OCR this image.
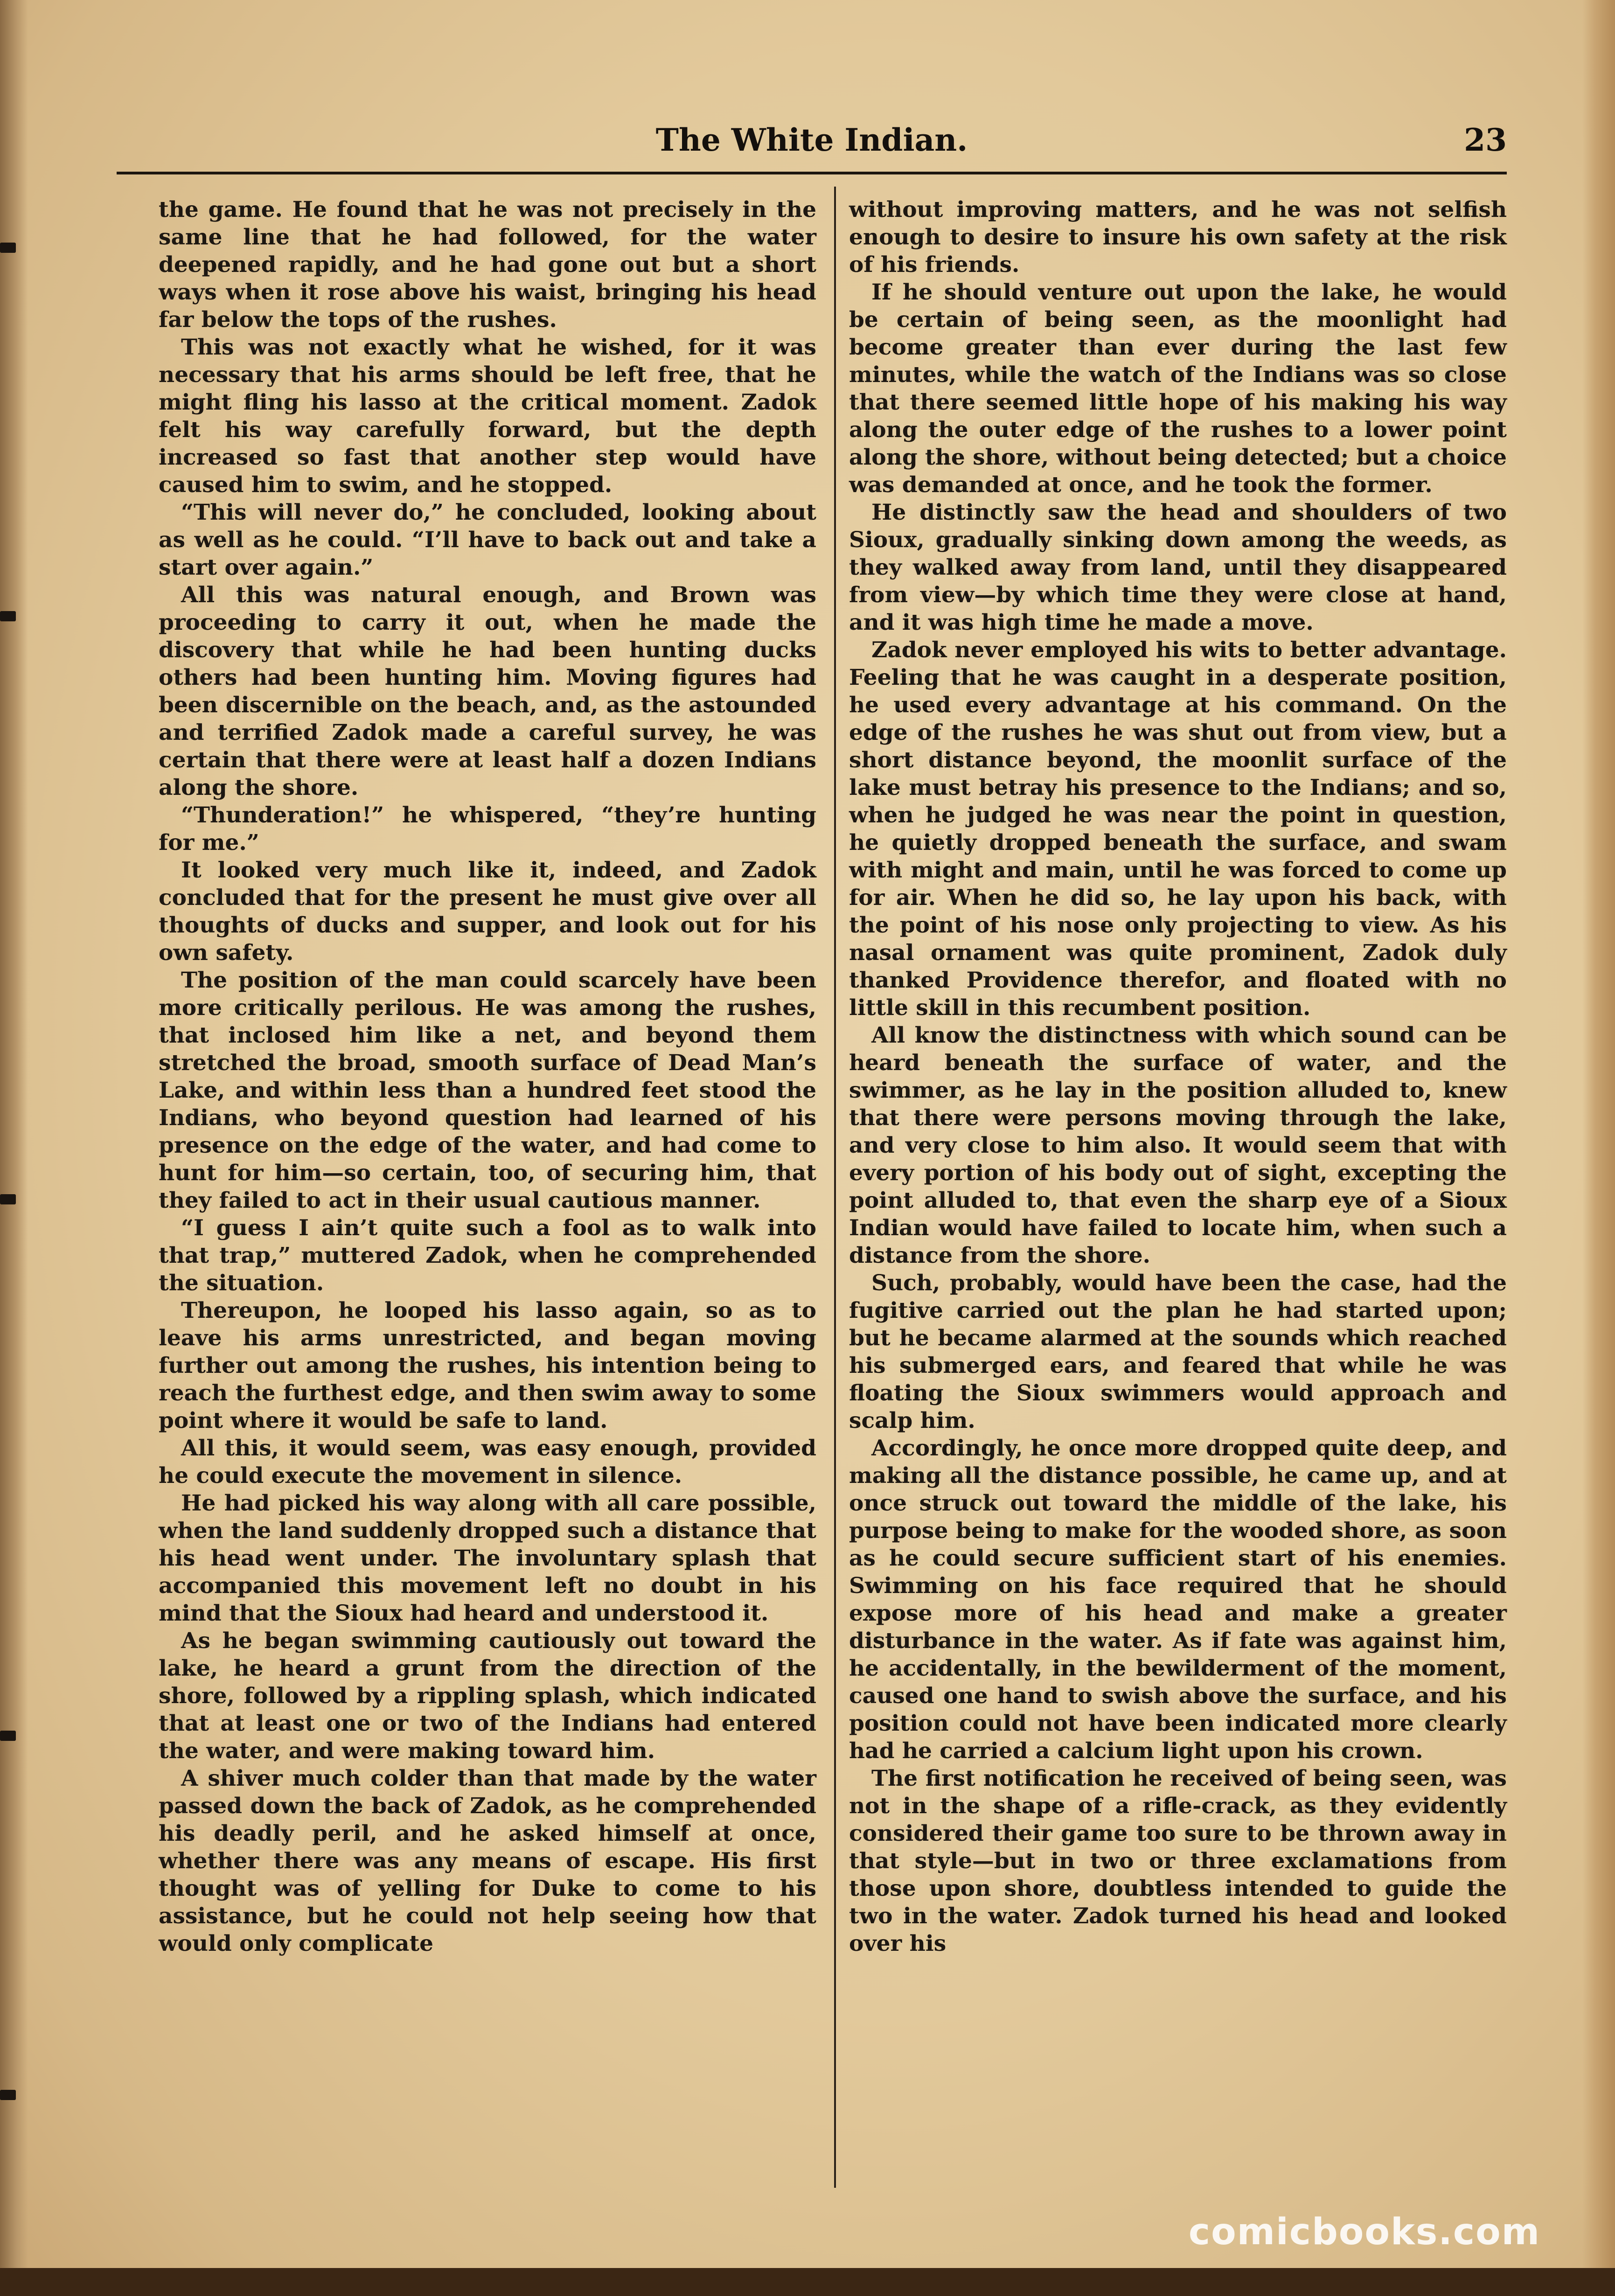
The White Indian.	23

the game. He found that he was not precisely in the same line that he had followed, for the water deepened rapidly, and he had gone out but a short ways when it rose above his waist, bringing his head far below the tops of the rushes.

This was not exactly what he wished, for it was necessary that his arms should be left free, that he might fling his lasso at the critical moment. Zadok felt his way carefully forward, but the depth increased so fast that another step would have caused him to swim, and he stopped.

“This will never do,” he concluded, looking about as well as he could. “I’ll have to back out and take a start over again.”

All this was natural enough, and Brown was proceeding to carry it out, when he made the discovery that while he had been hunting ducks others had been hunting him. Moving figures had been discernible on the beach, and, as the astounded and terrified Zadok made a careful survey, he was certain that there were at least half a dozen Indians along the shore.

“Thunderation!” he whispered, “they’re hunting for me.”

It looked very much like it, indeed, and Zadok concluded that for the present he must give over all thoughts of ducks and supper, and look out for his own safety.

The position of the man could scarcely have been more critically perilous. He was among the rushes, that inclosed him like a net, and beyond them stretched the broad, smooth surface of Dead Man’s Lake, and within less than a hundred feet stood the Indians, who beyond question had learned of his presence on the edge of the water, and had come to hunt for him—so certain, too, of securing him, that they failed to act in their usual cautious manner.

“I guess I ain’t quite such a fool as to walk into that trap,” muttered Zadok, when he comprehended the situation.

Thereupon, he looped his lasso again, so as to leave his arms unrestricted, and began moving further out among the rushes, his intention being to reach the furthest edge, and then swim away to some point where it would be safe to land.

All this, it would seem, was easy enough, provided he could execute the movement in silence.

He had picked his way along with all care possible, when the land suddenly dropped such a distance that his head went under. The involuntary splash that accompanied this movement left no doubt in his mind that the Sioux had heard and understood it.

As he began swimming cautiously out toward the lake, he heard a grunt from the direction of the shore, followed by a rippling splash, which indicated that at least one or two of the Indians had entered the water, and were making toward him.

A shiver much colder than that made by the water passed down the back of Zadok, as he comprehended his deadly peril, and he asked himself at once, whether there was any means of escape. His first thought was of yelling for Duke to come to his assistance, but he could not help seeing how that would only complicate

without improving matters, and he was not selfish enough to desire to insure his own safety at the risk of his friends.

If he should venture out upon the lake, he would be certain of being seen, as the moonlight had become greater than ever during the last few minutes, while the watch of the Indians was so close that there seemed little hope of his making his way along the outer edge of the rushes to a lower point along the shore, without being detected; but a choice was demanded at once, and he took the former.

He distinctly saw the head and shoulders of two Sioux, gradually sinking down among the weeds, as they walked away from land, until they disappeared from view—by which time they were close at hand, and it was high time he made a move.

Zadok never employed his wits to better advantage. Feeling that he was caught in a desperate position, he used every advantage at his command. On the edge of the rushes he was shut out from view, but a short distance beyond, the moonlit surface of the lake must betray his presence to the Indians; and so, when he judged he was near the point in question, he quietly dropped beneath the surface, and swam with might and main, until he was forced to come up for air. When he did so, he lay upon his back, with the point of his nose only projecting to view. As his nasal ornament was quite prominent, Zadok duly thanked Providence therefor, and floated with no little skill in this recumbent position.

All know the distinctness with which sound can be heard beneath the surface of water, and the swimmer, as he lay in the position alluded to, knew that there were persons moving through the lake, and very close to him also. It would seem that with every portion of his body out of sight, excepting the point alluded to, that even the sharp eye of a Sioux Indian would have failed to locate him, when such a distance from the shore.

Such, probably, would have been the case, had the fugitive carried out the plan he had started upon; but he became alarmed at the sounds which reached his submerged ears, and feared that while he was floating the Sioux swimmers would approach and scalp him.

Accordingly, he once more dropped quite deep, and making all the distance possible, he came up, and at once struck out toward the middle of the lake, his purpose being to make for the wooded shore, as soon as he could secure sufficient start of his enemies. Swimming on his face required that he should expose more of his head and make a greater disturbance in the water. As if fate was against him, he accidentally, in the bewilderment of the moment, caused one hand to swish above the surface, and his position could not have been indicated more clearly had he carried a calcium light upon his crown.

The first notification he received of being seen, was not in the shape of a rifle-crack, as they evidently considered their game too sure to be thrown away in that style—but in two or three exclamations from those upon shore, doubtless intended to guide the two in the water. Zadok turned his head and looked over his

comicbooks.com
